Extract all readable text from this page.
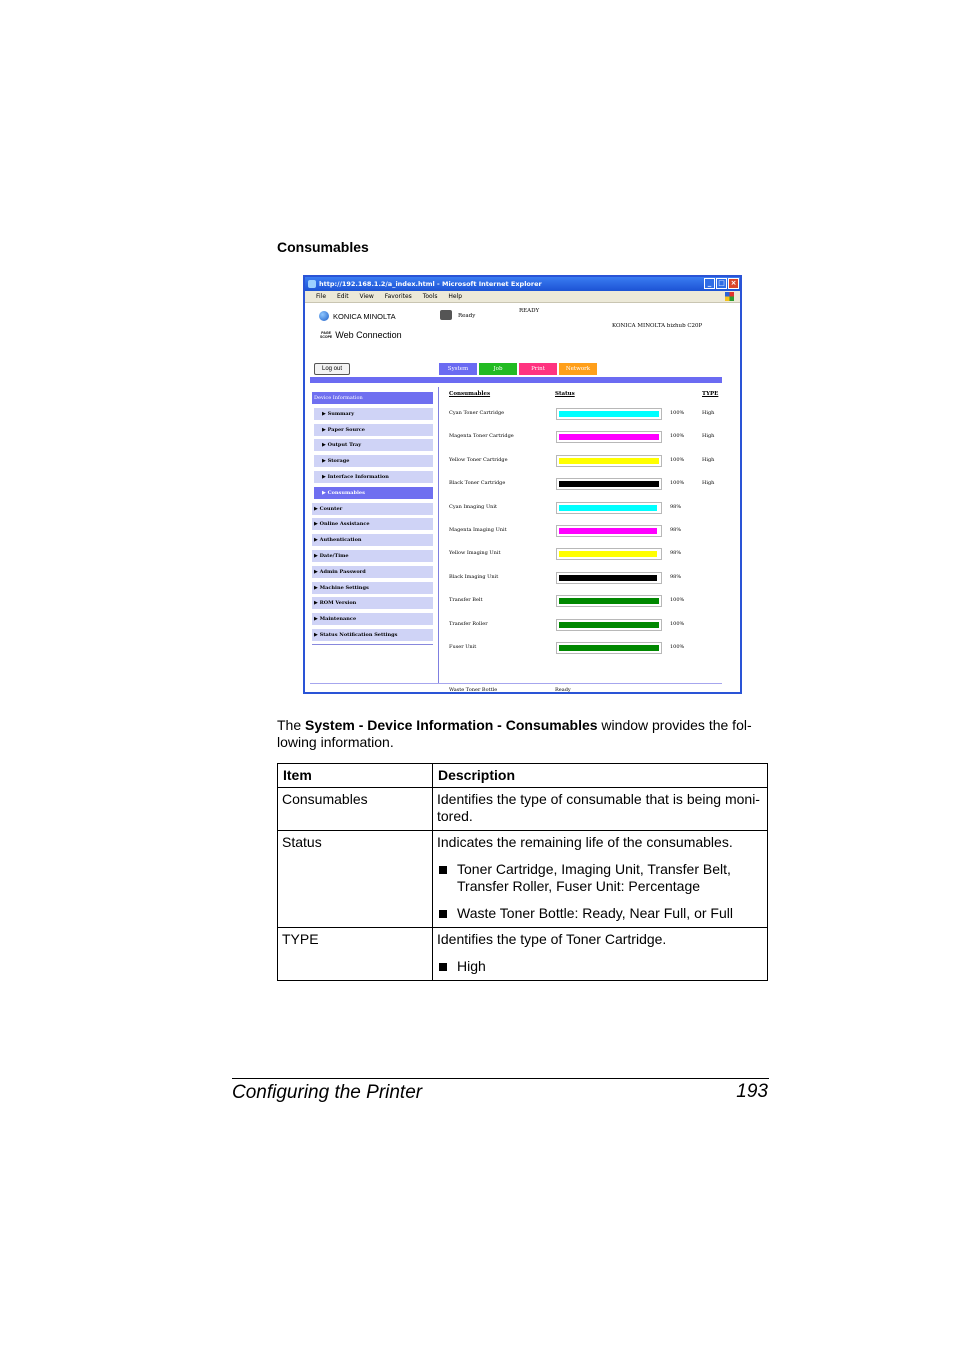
Consumables
http://192.168.1.2/a_index.html - Microsoft Internet Explorer	_ □ ×
File Edit View Favorites Tools Help
KONICA MINOLTA
PAGE
SCOPE Web Connection
Ready
READY
KONICA MINOLTA bizhub C20P
Log out	System	Job	Print	Network
Device Information
▶ Summary
▶ Paper Source
▶ Output Tray
▶ Storage
▶ Interface Information
▶ Consumables
▶ Counter
▶ Online Assistance
▶ Authentication
▶ Date/Time
▶ Admin Password
▶ Machine Settings
▶ ROM Version
▶ Maintenance
▶ Status Notification Settings
Consumables	Status	TYPE
Cyan Toner Cartridge	100%	High
Magenta Toner Cartridge	100%	High
Yellow Toner Cartridge	100%	High
Black Toner Cartridge	100%	High
Cyan Imaging Unit	98%
Magenta Imaging Unit	98%
Yellow Imaging Unit	98%
Black Imaging Unit	98%
Transfer Belt	100%
Transfer Roller	100%
Fuser Unit	100%
Waste Toner Bottle	Ready
The System - Device Information - Consumables window provides the fol-lowing information.
Item	Description
Consumables	Identifies the type of consumable that is being moni-tored.

Status	Indicates the remaining life of the consumables.

Toner Cartridge, Imaging Unit, Transfer Belt, Transfer Roller, Fuser Unit: Percentage
Waste Toner Bottle: Ready, Near Full, or Full

TYPE	Identifies the type of Toner Cartridge.

High
Configuring the Printer	193
